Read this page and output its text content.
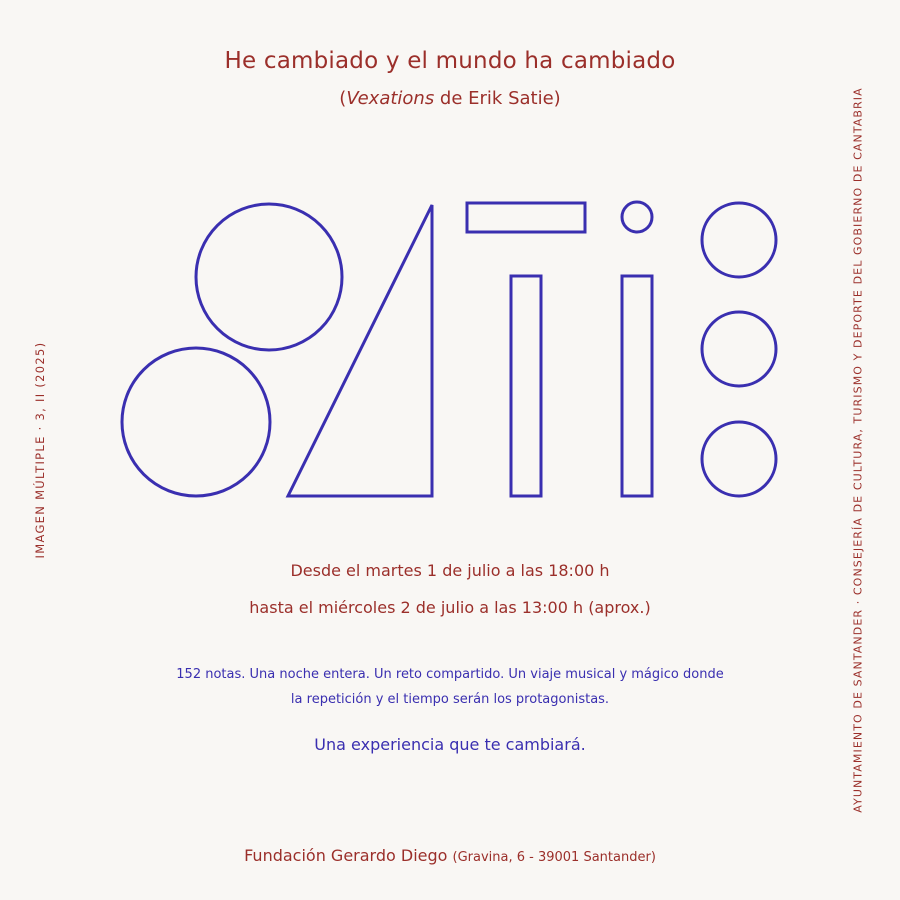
He cambiado y el mundo ha cambiado
(Vexations de Erik Satie)
Desde el martes 1 de julio a las 18:00 h
hasta el miércoles 2 de julio a las 13:00 h (aprox.)
152 notas. Una noche entera. Un reto compartido. Un viaje musical y mágico donde
la repetición y el tiempo serán los protagonistas.
Una experiencia que te cambiará.
Fundación Gerardo Diego (Gravina, 6 - 39001 Santander)
IMAGEN MÚLTIPLE · 3, II (2025)	AYUNTAMIENTO DE SANTANDER · CONSEJERÍA DE CULTURA, TURISMO Y DEPORTE DEL GOBIERNO DE CANTABRIA
